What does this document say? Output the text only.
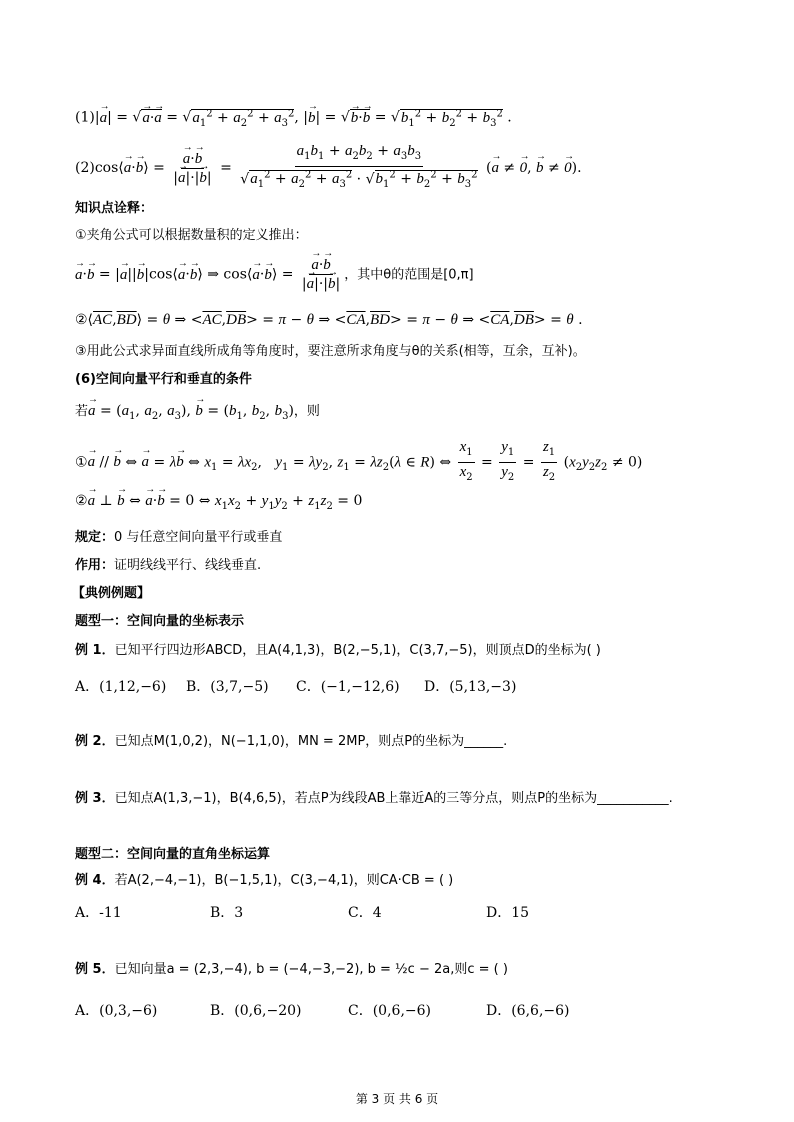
(1)|a →| = √a →·a → = $√a_1^2 + a_2^2 + a_3^2$, |b →| = √b →·b → = $√b_1^2 + b_2^2 + b_3^2$ .
(2)cos⟨a →·b →⟩ = $\frac{a \to\cdot b \to}{|a \to|\cdot|b \to|} = \frac{a_1b_1 + a_2b_2 + a_3b_3}{√a_1^2 + a_2^2 + a_3^2 \cdot √b_1^2 + b_2^2 + b_3^2} (a$ → ≠ 0 →, b → ≠ 0 →).
知识点诠释：
①夹角公式可以根据数量积的定义推出：
a →·b → = |a →||b →|cos⟨a →·b →⟩ ⇒ cos⟨a →·b →⟩ = $\frac{a \to\cdot b \to}{|a \to|\cdot|b \to|}$ ，其中θ的范围是[0,π]
$②⟨\overline{AC},\overline{BD}⟩ = \theta$ ⇒ $<\overline{AC},\overline{DB}> = \pi - \theta$ ⇒ $<\overline{CA},\overline{BD}> = \pi - \theta$ ⇒ $<\overline{CA},\overline{DB}> = \theta$ .
③用此公式求异面直线所成角等角度时，要注意所求角度与θ的关系(相等，互余，互补)。
(6)空间向量平行和垂直的条件
若a → = ($a_1$, $a_2$, $a_3$), b → = ($b_1$, $b_2$, $b_3$)，则
①a → // b → ⇔ a → = λb → ⇔ $x_1 = \lambda x_2$,   $y_1 = \lambda y_2$, $z_1 = \lambda z_2(\lambda$ ∈ R) ⇔ $\frac{x_1}{x_2} = \frac{y_1}{y_2} = \frac{z_1}{z_2} (x_2y_2z_2 \ne 0)$
②a → ⊥ b → ⇔ a →·b → = 0 ⇔ $x_1x_2 + y_1y_2 + z_1z_2 = 0$
规定：0 与任意空间向量平行或垂直
作用：证明线线平行、线线垂直.
【典例例题】
题型一：空间向量的坐标表示
例 1．已知平行四边形ABCD，且A(4,1,3)，B(2,−5,1)，C(3,7,−5)，则顶点D的坐标为( )
A．(1,12,−6) B．(3,7,−5) C．(−1,−12,6) D．(5,13,−3)
例 2．已知点M(1,0,2)，N(−1,1,0)，MN = 2MP，则点P的坐标为______.
例 3．已知点A(1,3,−1)，B(4,6,5)，若点P为线段AB上靠近A的三等分点，则点P的坐标为___________.
题型二：空间向量的直角坐标运算
例 4．若A(2,−4,−1)，B(−1,5,1)，C(3,−4,1)，则CA·CB = ( )
A．-11	B．3	C．4	D．15
例 5．已知向量a = (2,3,−4), b = (−4,−3,−2), b = ½c − 2a,则c = ( )
A．(0,3,−6)	B．(0,6,−20)	C．(0,6,−6)	D．(6,6,−6)
第 3 页 共 6 页
